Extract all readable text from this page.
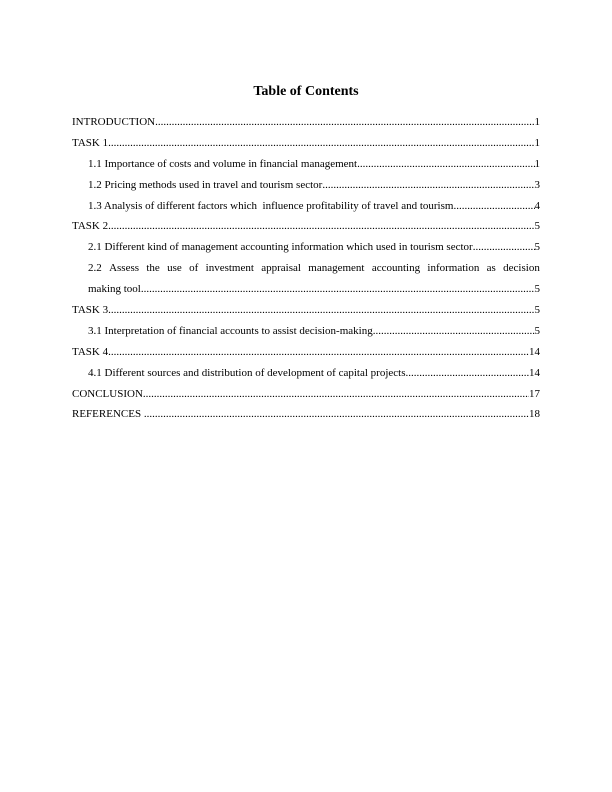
Table of Contents
INTRODUCTION .....	1
TASK 1 .....	1
1.1 Importance of costs and volume in financial management .....	1
1.2 Pricing methods used in travel and tourism sector .....	3
1.3 Analysis of different factors which  influence profitability of travel and tourism .....	4
TASK 2 .....	5
2.1 Different kind of management accounting information which used in tourism sector .....	5
2.2 Assess the use of investment appraisal management accounting information as decision
making tool .....	5
TASK 3 .....	5
3.1 Interpretation of financial accounts to assist decision-making .....	5
TASK 4 .....	14
4.1 Different sources and distribution of development of capital projects .....	14
CONCLUSION .....	17
REFERENCES .....	18
